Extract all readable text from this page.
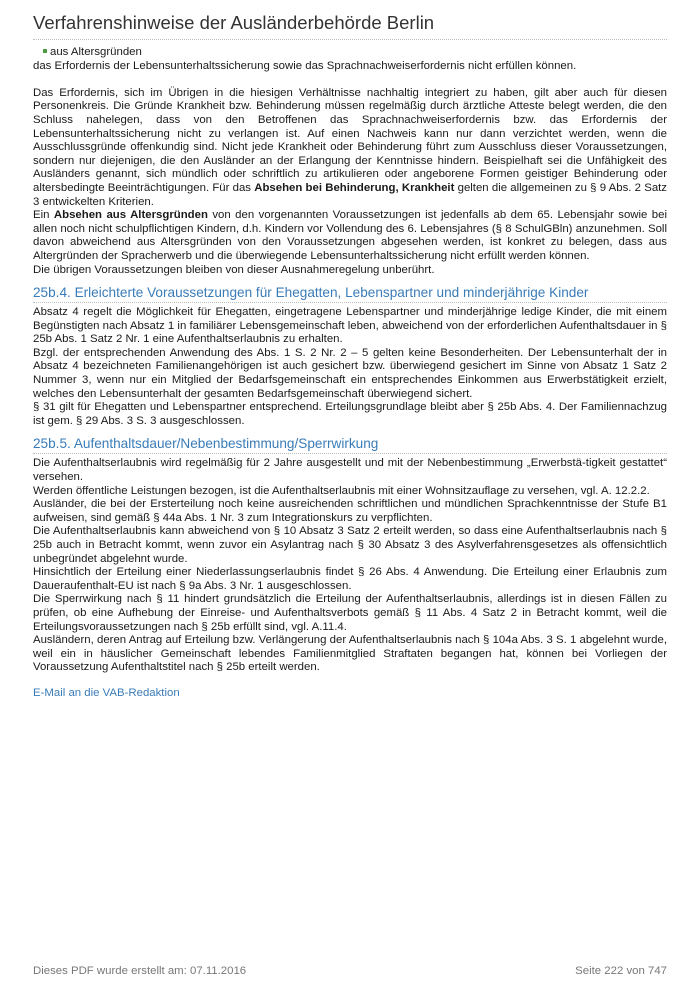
Verfahrenshinweise der Ausländerbehörde Berlin
aus Altersgründen

das Erfordernis der Lebensunterhaltssicherung sowie das Sprachnachweiserfordernis nicht erfüllen können.

Das Erfordernis, sich im Übrigen in die hiesigen Verhältnisse nachhaltig integriert zu haben, gilt aber auch für diesen Personenkreis. Die Gründe Krankheit bzw. Behinderung müssen regelmäßig durch ärztliche Atteste belegt werden, die den Schluss nahelegen, dass von den Betroffenen das Sprachnachweiserfordernis bzw. das Erfordernis der Lebensunterhaltssicherung nicht zu verlangen ist. Auf einen Nachweis kann nur dann verzichtet werden, wenn die Ausschlussgründe offenkundig sind. Nicht jede Krankheit oder Behinderung führt zum Ausschluss dieser Voraussetzungen, sondern nur diejenigen, die den Ausländer an der Erlangung der Kenntnisse hindern. Beispielhaft sei die Unfähigkeit des Ausländers genannt, sich mündlich oder schriftlich zu artikulieren oder angeborene Formen geistiger Behinderung oder altersbedingte Beeinträchtigungen. Für das Absehen bei Behinderung, Krankheit gelten die allgemeinen zu § 9 Abs. 2 Satz 3 entwickelten Kriterien.

Ein Absehen aus Altersgründen von den vorgenannten Voraussetzungen ist jedenfalls ab dem 65. Lebensjahr sowie bei allen noch nicht schulpflichtigen Kindern, d.h. Kindern vor Vollendung des 6. Lebensjahres (§ 8 SchulGBln) anzunehmen. Soll davon abweichend aus Altersgründen von den Voraussetzungen abgesehen werden, ist konkret zu belegen, dass aus Altergründen der Spracherwerb und die überwiegende Lebensunterhaltssicherung nicht erfüllt werden können.

Die übrigen Voraussetzungen bleiben von dieser Ausnahmeregelung unberührt.

25b.4. Erleichterte Voraussetzungen für Ehegatten, Lebenspartner und minderjährige Kinder

Absatz 4 regelt die Möglichkeit für Ehegatten, eingetragene Lebenspartner und minderjährige ledige Kinder, die mit einem Begünstigten nach Absatz 1 in familiärer Lebensgemeinschaft leben, abweichend von der erforderlichen Aufenthaltsdauer in § 25b Abs. 1 Satz 2 Nr. 1 eine Aufenthaltserlaubnis zu erhalten.

Bzgl. der entsprechenden Anwendung des Abs. 1 S. 2 Nr. 2 – 5 gelten keine Besonderheiten. Der Lebensunterhalt der in Absatz 4 bezeichneten Familienangehörigen ist auch gesichert bzw. überwiegend gesichert im Sinne von Absatz 1 Satz 2 Nummer 3, wenn nur ein Mitglied der Bedarfsgemeinschaft ein entsprechendes Einkommen aus Erwerbstätigkeit erzielt, welches den Lebensunterhalt der gesamten Bedarfsgemeinschaft überwiegend sichert.

§ 31 gilt für Ehegatten und Lebenspartner entsprechend. Erteilungsgrundlage bleibt aber § 25b Abs. 4. Der Familiennachzug ist gem. § 29 Abs. 3 S. 3 ausgeschlossen.

25b.5. Aufenthaltsdauer/Nebenbestimmung/Sperrwirkung

Die Aufenthaltserlaubnis wird regelmäßig für 2 Jahre ausgestellt und mit der Nebenbestimmung „Erwerbstä-tigkeit gestattet“ versehen.

Werden öffentliche Leistungen bezogen, ist die Aufenthaltserlaubnis mit einer Wohnsitzauflage zu versehen, vgl. A. 12.2.2.

Ausländer, die bei der Ersterteilung noch keine ausreichenden schriftlichen und mündlichen Sprachkenntnisse der Stufe B1 aufweisen, sind gemäß § 44a Abs. 1 Nr. 3 zum Integrationskurs zu verpflichten.

Die Aufenthaltserlaubnis kann abweichend von § 10 Absatz 3 Satz 2 erteilt werden, so dass eine Aufenthaltserlaubnis nach § 25b auch in Betracht kommt, wenn zuvor ein Asylantrag nach § 30 Absatz 3 des Asylverfahrensgesetzes als offensichtlich unbegründet abgelehnt wurde.

Hinsichtlich der Erteilung einer Niederlassungserlaubnis findet § 26 Abs. 4 Anwendung. Die Erteilung einer Erlaubnis zum Daueraufenthalt-EU ist nach § 9a Abs. 3 Nr. 1 ausgeschlossen.

Die Sperrwirkung nach § 11 hindert grundsätzlich die Erteilung der Aufenthaltserlaubnis, allerdings ist in diesen Fällen zu prüfen, ob eine Aufhebung der Einreise- und Aufenthaltsverbots gemäß § 11 Abs. 4 Satz 2 in Betracht kommt, weil die Erteilungsvoraussetzungen nach § 25b erfüllt sind, vgl. A.11.4.

Ausländern, deren Antrag auf Erteilung bzw. Verlängerung der Aufenthaltserlaubnis nach § 104a Abs. 3 S. 1 abgelehnt wurde, weil ein in häuslicher Gemeinschaft lebendes Familienmitglied Straftaten begangen hat, können bei Vorliegen der Voraussetzung Aufenthaltstitel nach § 25b erteilt werden.

E-Mail an die VAB-Redaktion
Dieses PDF wurde erstellt am: 07.11.2016	Seite 222 von 747
